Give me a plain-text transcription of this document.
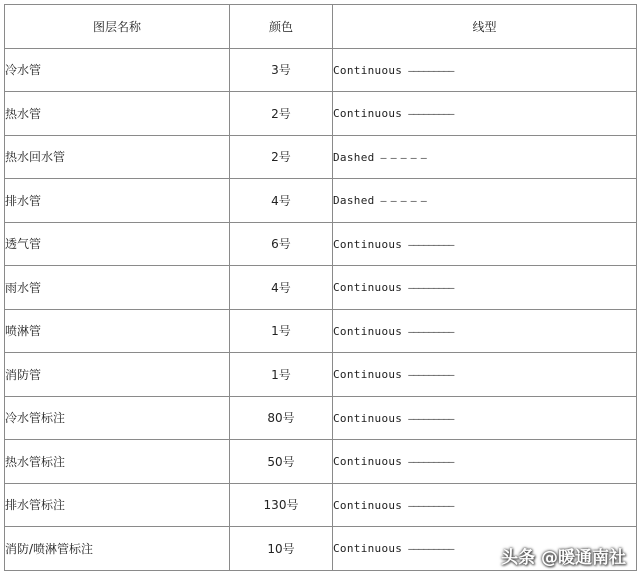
图层名称	颜色	线型
冷水管	3号	Continuous —————————
热水管	2号	Continuous —————————
热水回水管	2号	Dashed — — — — —
排水管	4号	Dashed — — — — —
透气管	6号	Continuous —————————
雨水管	4号	Continuous —————————
喷淋管	1号	Continuous —————————
消防管	1号	Continuous —————————
冷水管标注	80号	Continuous —————————
热水管标注	50号	Continuous —————————
排水管标注	130号	Continuous —————————
消防/喷淋管标注	10号	Continuous —————————	头条 @暖通南社
